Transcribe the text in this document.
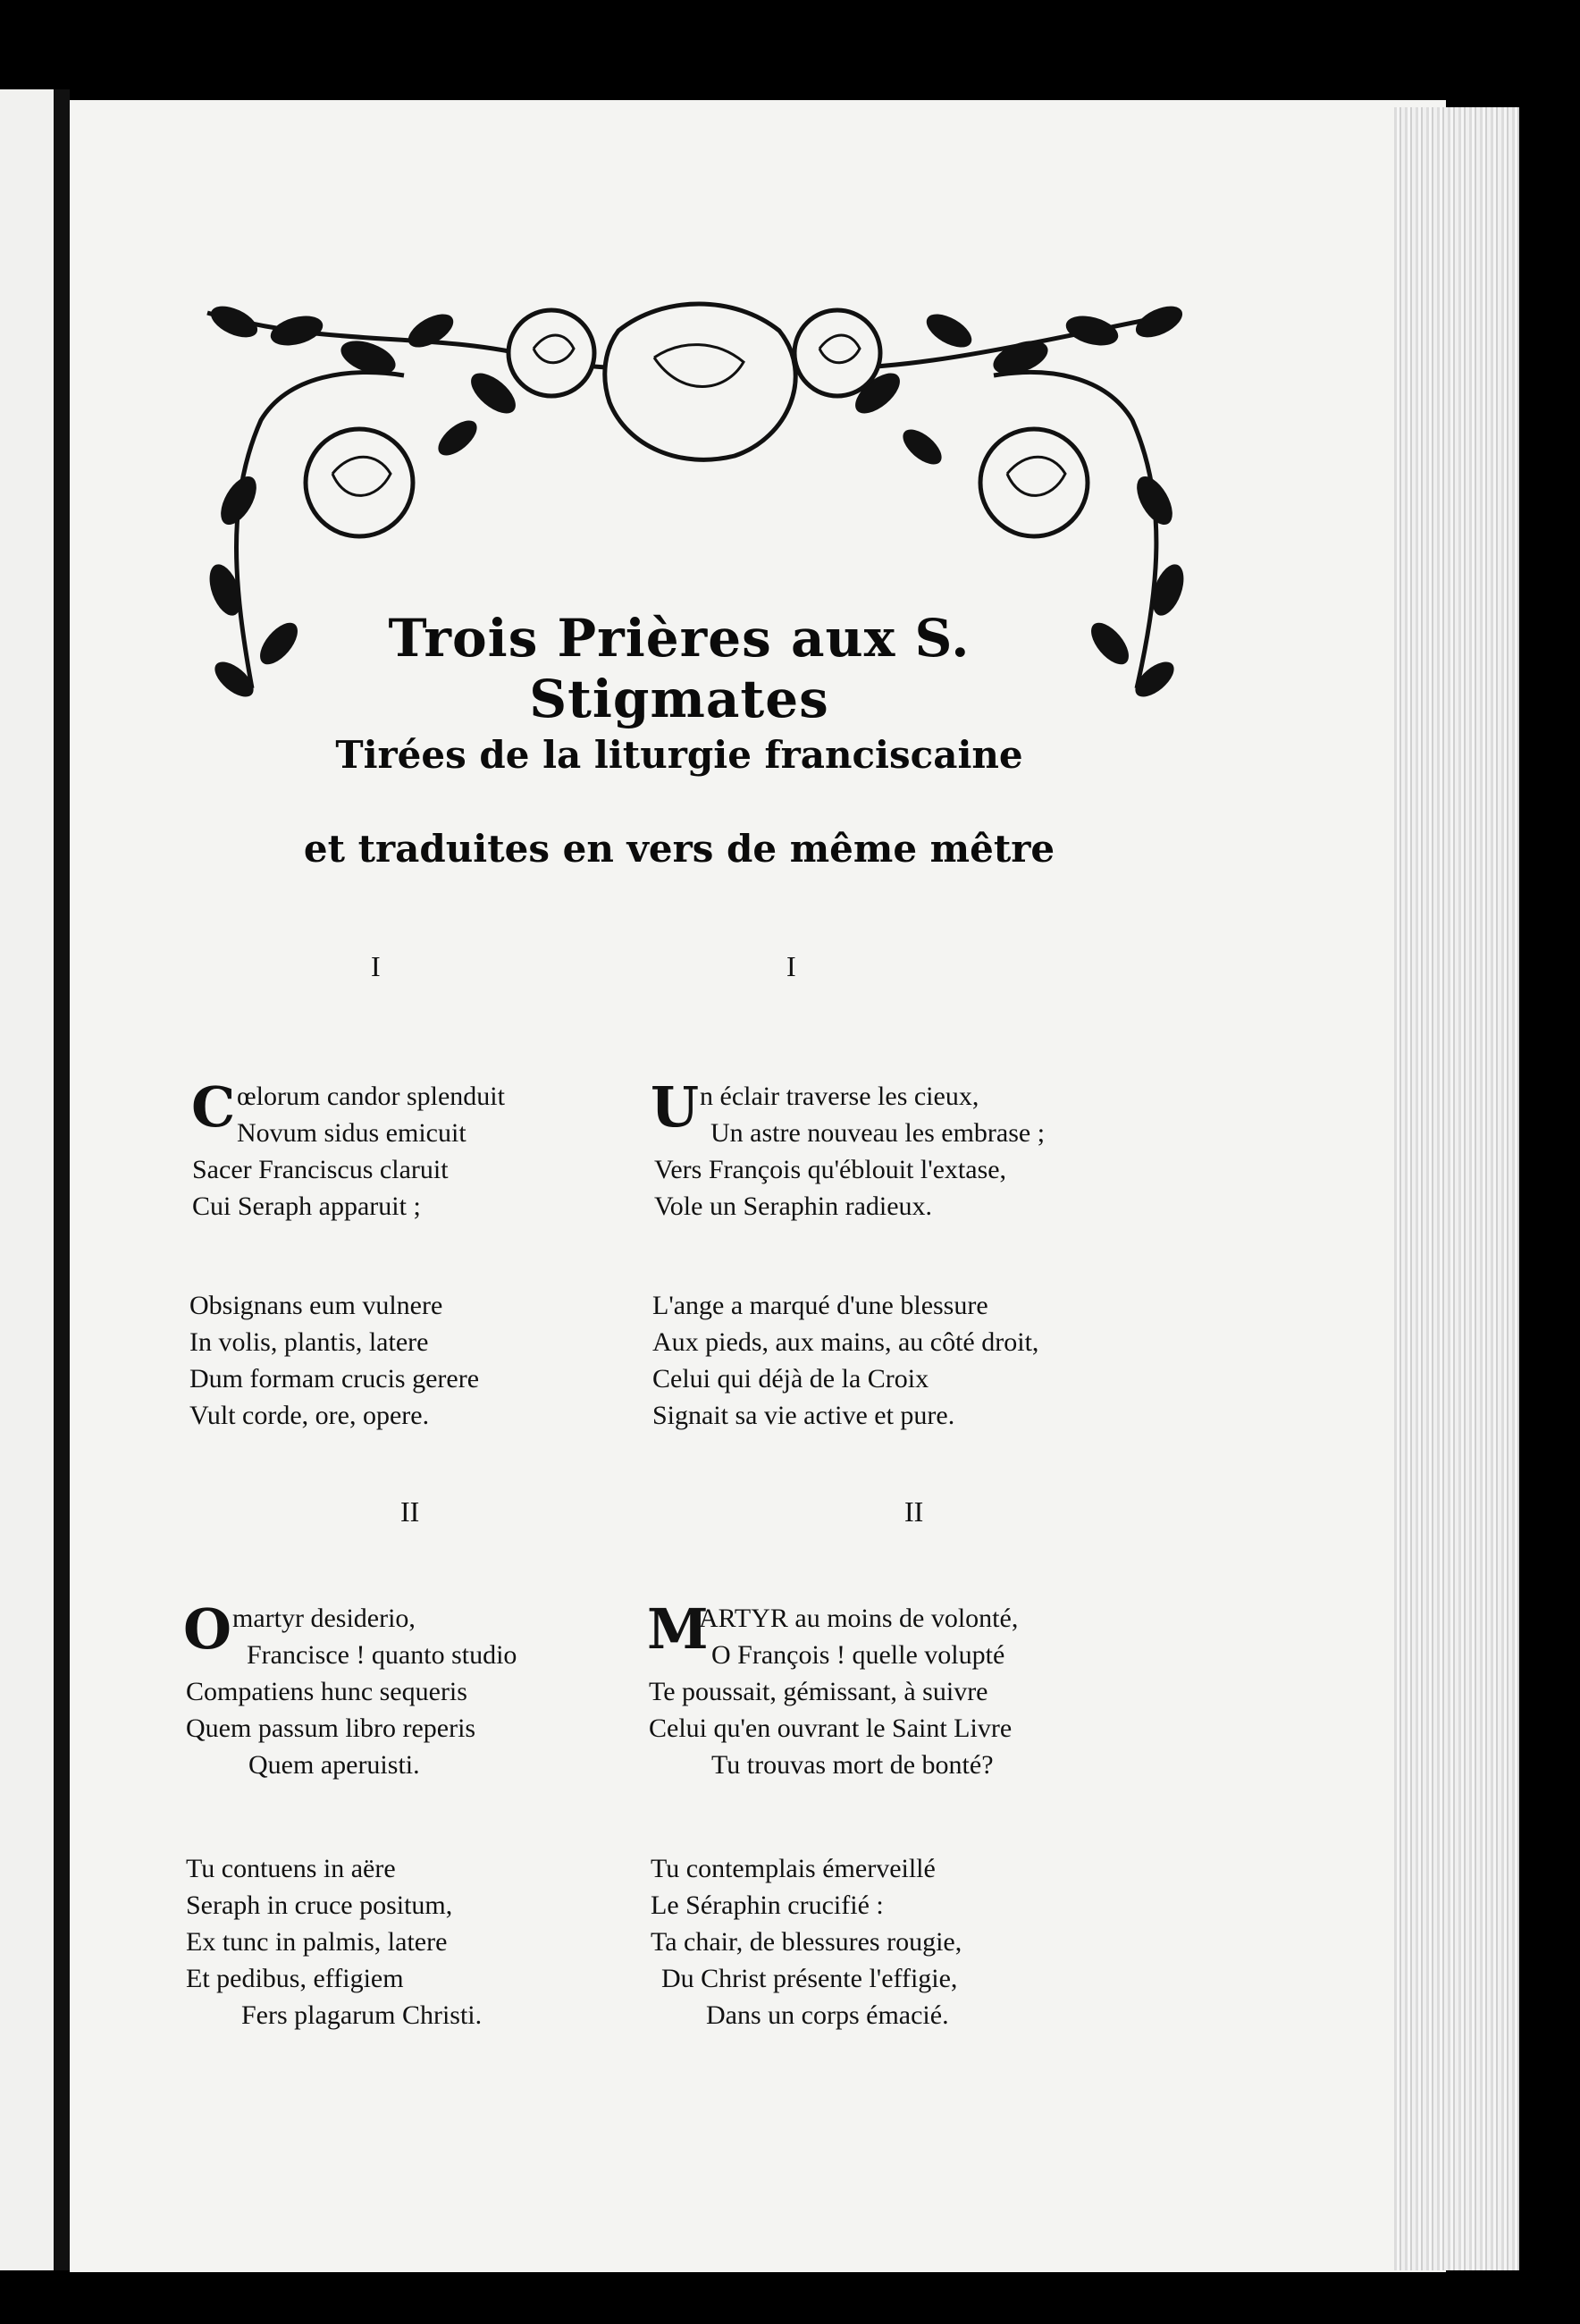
Trois Prières aux S. Stigmates
Tirées de la liturgie franciscaine
et traduites en vers de même mêtre
I	I
C œlorum candor splenduit
Novum sidus emicuit
Sacer Franciscus claruit
Cui Seraph apparuit ;
U n éclair traverse les cieux,
Un astre nouveau les embrase ;
Vers François qu'éblouit l'extase,
Vole un Seraphin radieux.
Obsignans eum vulnere
In volis, plantis, latere
Dum formam crucis gerere
Vult corde, ore, opere.
L'ange a marqué d'une blessure
Aux pieds, aux mains, au côté droit,
Celui qui déjà de la Croix
Signait sa vie active et pure.
II	II
O martyr desiderio,
Francisce ! quanto studio
Compatiens hunc sequeris
Quem passum libro reperis
Quem aperuisti.
M
ARTYR au moins de volonté,
O François ! quelle volupté
Te poussait, gémissant, à suivre
Celui qu'en ouvrant le Saint Livre
Tu trouvas mort de bonté?
Tu contuens in aëre
Seraph in cruce positum,
Ex tunc in palmis, latere
Et pedibus, effigiem
Fers plagarum Christi.
Tu contemplais émerveillé
Le Séraphin crucifié :
Ta chair, de blessures rougie,
Du Christ présente l'effigie,
Dans un corps émacié.
